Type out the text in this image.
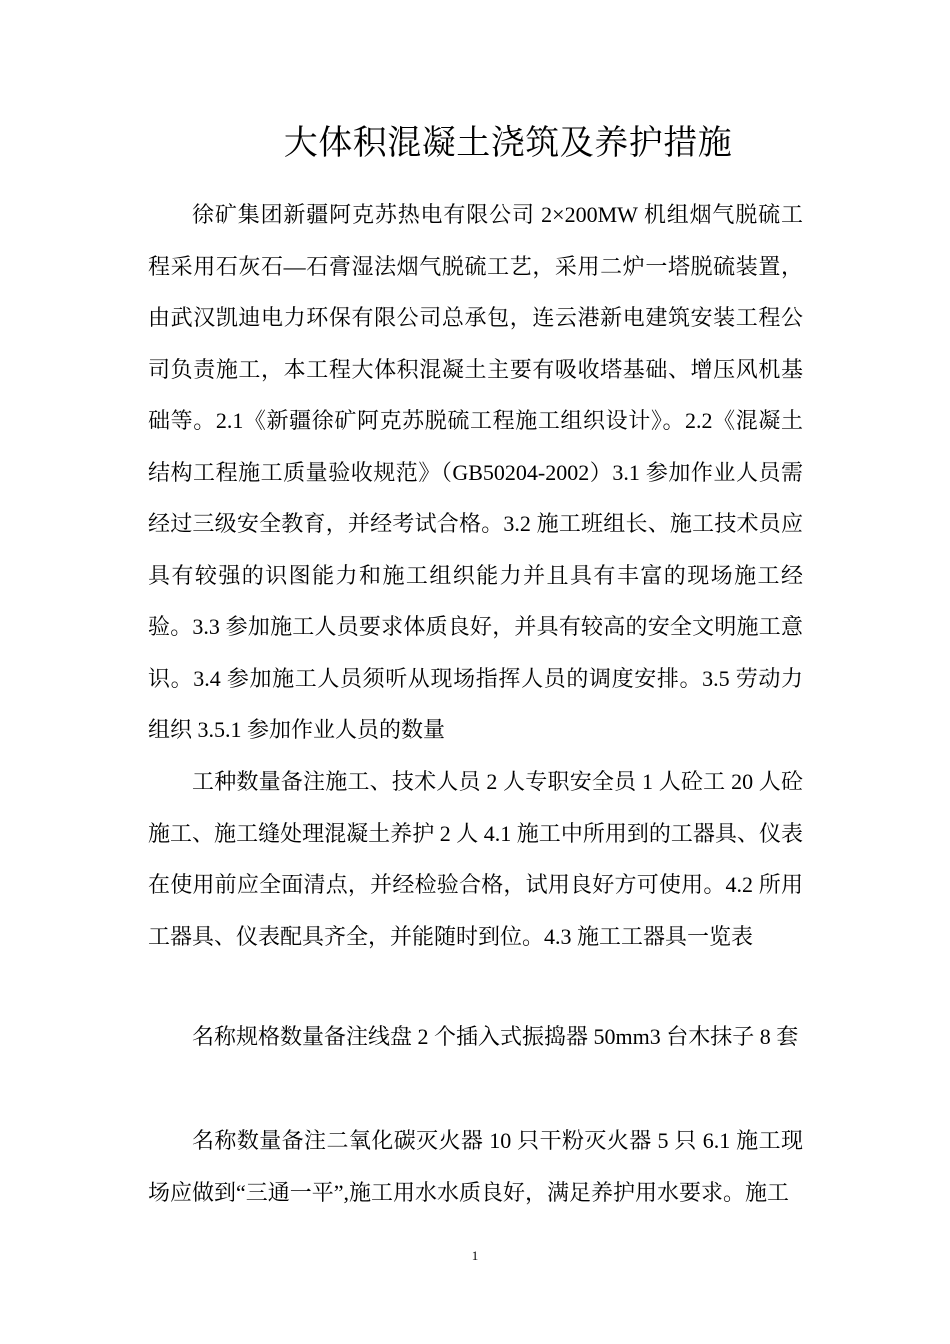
大体积混凝土浇筑及养护措施

徐矿集团新疆阿克苏热电有限公司 2×200MW 机组烟气脱硫工程采用石灰石—石膏湿法烟气脱硫工艺，采用二炉一塔脱硫装置，由武汉凯迪电力环保有限公司总承包，连云港新电建筑安装工程公司负责施工，本工程大体积混凝土主要有吸收塔基础、增压风机基础等。2.1《新疆徐矿阿克苏脱硫工程施工组织设计》。2.2《混凝土结构工程施工质量验收规范》（GB50204-2002）3.1 参加作业人员需经过三级安全教育，并经考试合格。3.2 施工班组长、施工技术员应具有较强的识图能力和施工组织能力并且具有丰富的现场施工经验。3.3 参加施工人员要求体质良好，并具有较高的安全文明施工意识。3.4 参加施工人员须听从现场指挥人员的调度安排。3.5 劳动力组织 3.5.1 参加作业人员的数量

工种数量备注施工、技术人员 2 人专职安全员 1 人砼工 20 人砼施工、施工缝处理混凝土养护 2 人 4.1 施工中所用到的工器具、仪表在使用前应全面清点，并经检验合格，试用良好方可使用。4.2 所用工器具、仪表配具齐全，并能随时到位。4.3 施工工器具一览表

名称规格数量备注线盘 2 个插入式振捣器 50mm3 台木抹子 8 套

名称数量备注二氧化碳灭火器 10 只干粉灭火器 5 只 6.1 施工现场应做到“三通一平”,施工用水水质良好，满足养护用水要求。施工

1
